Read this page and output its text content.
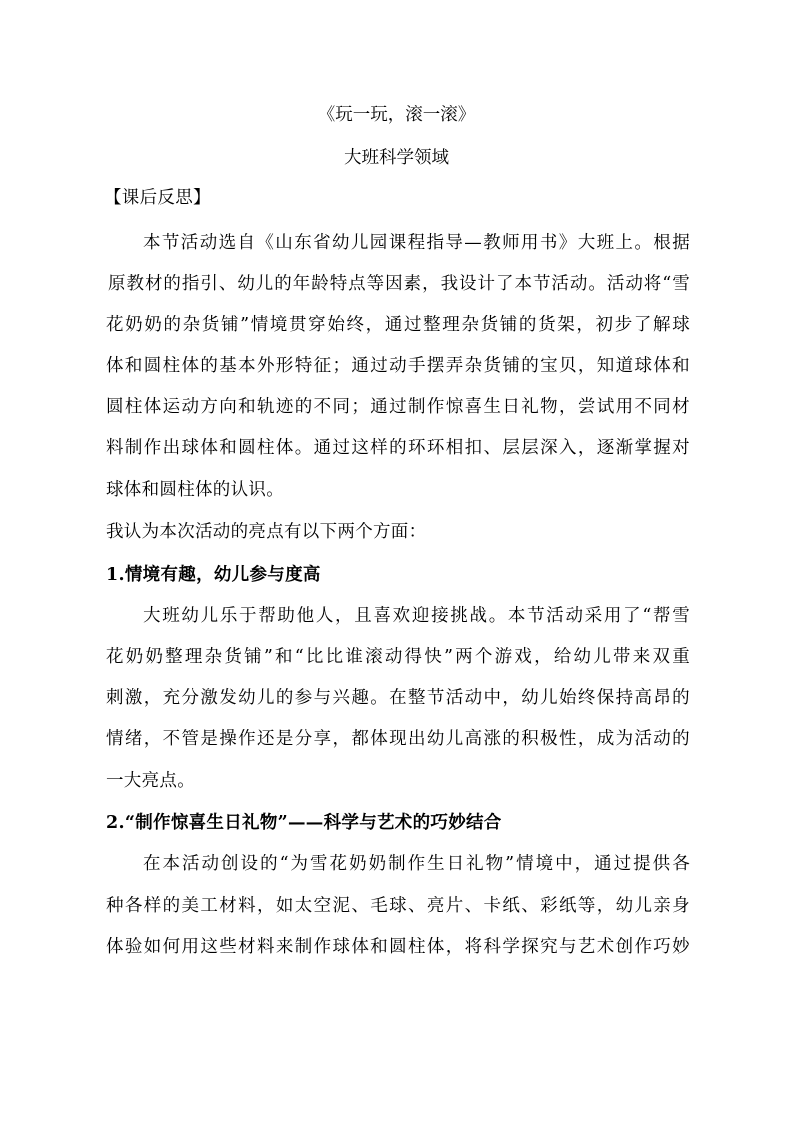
《玩一玩，滚一滚》
大班科学领域
【课后反思】
本节活动选自《山东省幼儿园课程指导—教师用书》大班上。根据
原教材的指引、幼儿的年龄特点等因素，我设计了本节活动。活动将“雪
花奶奶的杂货铺”情境贯穿始终，通过整理杂货铺的货架，初步了解球
体和圆柱体的基本外形特征；通过动手摆弄杂货铺的宝贝，知道球体和
圆柱体运动方向和轨迹的不同；通过制作惊喜生日礼物，尝试用不同材
料制作出球体和圆柱体。通过这样的环环相扣、层层深入，逐渐掌握对
球体和圆柱体的认识。
我认为本次活动的亮点有以下两个方面：
1.情境有趣，幼儿参与度高
大班幼儿乐于帮助他人，且喜欢迎接挑战。本节活动采用了“帮雪
花奶奶整理杂货铺”和“比比谁滚动得快”两个游戏，给幼儿带来双重
刺激，充分激发幼儿的参与兴趣。在整节活动中，幼儿始终保持高昂的
情绪，不管是操作还是分享，都体现出幼儿高涨的积极性，成为活动的
一大亮点。
2.“制作惊喜生日礼物”——科学与艺术的巧妙结合
在本活动创设的“为雪花奶奶制作生日礼物”情境中，通过提供各
种各样的美工材料，如太空泥、毛球、亮片、卡纸、彩纸等，幼儿亲身
体验如何用这些材料来制作球体和圆柱体，将科学探究与艺术创作巧妙
